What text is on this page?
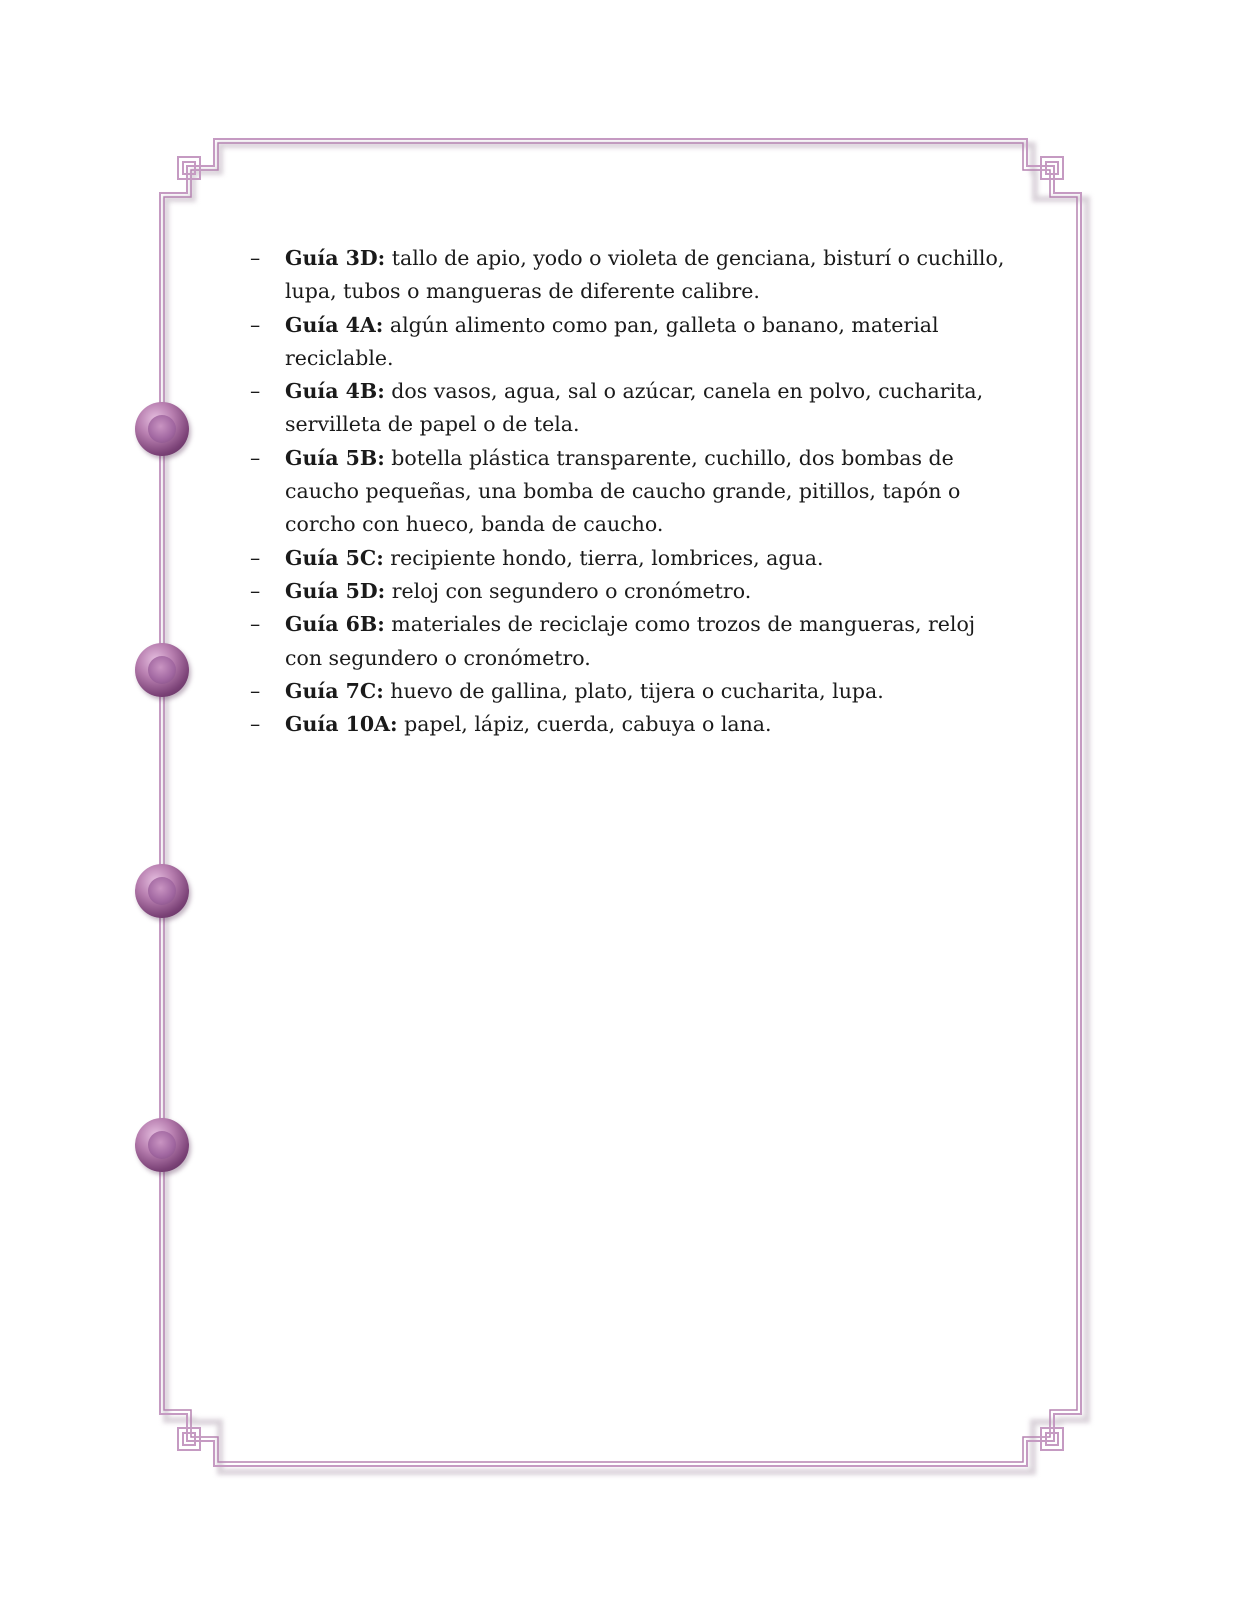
– Guía 3D: tallo de apio, yodo o violeta de genciana, bisturí o cuchillo, lupa, tubos o mangueras de diferente calibre.
– Guía 4A: algún alimento como pan, galleta o banano, material reciclable.
– Guía 4B: dos vasos, agua, sal o azúcar, canela en polvo, cucharita, servilleta de papel o de tela.
– Guía 5B: botella plástica transparente, cuchillo, dos bombas de caucho pequeñas, una bomba de caucho grande, pitillos, tapón o corcho con hueco, banda de caucho.
– Guía 5C: recipiente hondo, tierra, lombrices, agua.
– Guía 5D: reloj con segundero o cronómetro.
– Guía 6B: materiales de reciclaje como trozos de mangueras, reloj con segundero o cronómetro.
– Guía 7C: huevo de gallina, plato, tijera o cucharita, lupa.
– Guía 10A: papel, lápiz, cuerda, cabuya o lana.
